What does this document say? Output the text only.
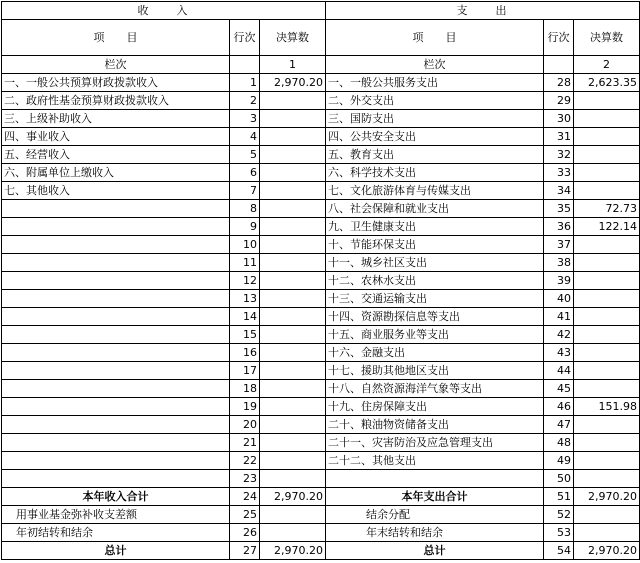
收　　入			支　　出		
项　　目	行次	决算数	项　　目	行次	决算数
栏次		1	栏次		2
一、一般公共预算财政拨款收入	1	2,970.20	一、一般公共服务支出	28	2,623.35
二、政府性基金预算财政拨款收入	2		二、外交支出	29	
三、上级补助收入	3		三、国防支出	30	
四、事业收入	4		四、公共安全支出	31	
五、经营收入	5		五、教育支出	32	
六、附属单位上缴收入	6		六、科学技术支出	33	
七、其他收入	7		七、文化旅游体育与传媒支出	34	
	8		八、社会保障和就业支出	35	72.73
	9		九、卫生健康支出	36	122.14
	10		十、节能环保支出	37	
	11		十一、城乡社区支出	38	
	12		十二、农林水支出	39	
	13		十三、交通运输支出	40	
	14		十四、资源勘探信息等支出	41	
	15		十五、商业服务业等支出	42	
	16		十六、金融支出	43	
	17		十七、援助其他地区支出	44	
	18		十八、自然资源海洋气象等支出	45	
	19		十九、住房保障支出	46	151.98
	20		二十、粮油物资储备支出	47	
	21		二十一、灾害防治及应急管理支出	48	
	22		二十二、其他支出	49	
	23			50	
本年收入合计	24	2,970.20	本年支出合计	51	2,970.20
用事业基金弥补收支差额	25		结余分配	52	
年初结转和结余	26		年末结转和结余	53	
总计	27	2,970.20	总计	54	2,970.20
